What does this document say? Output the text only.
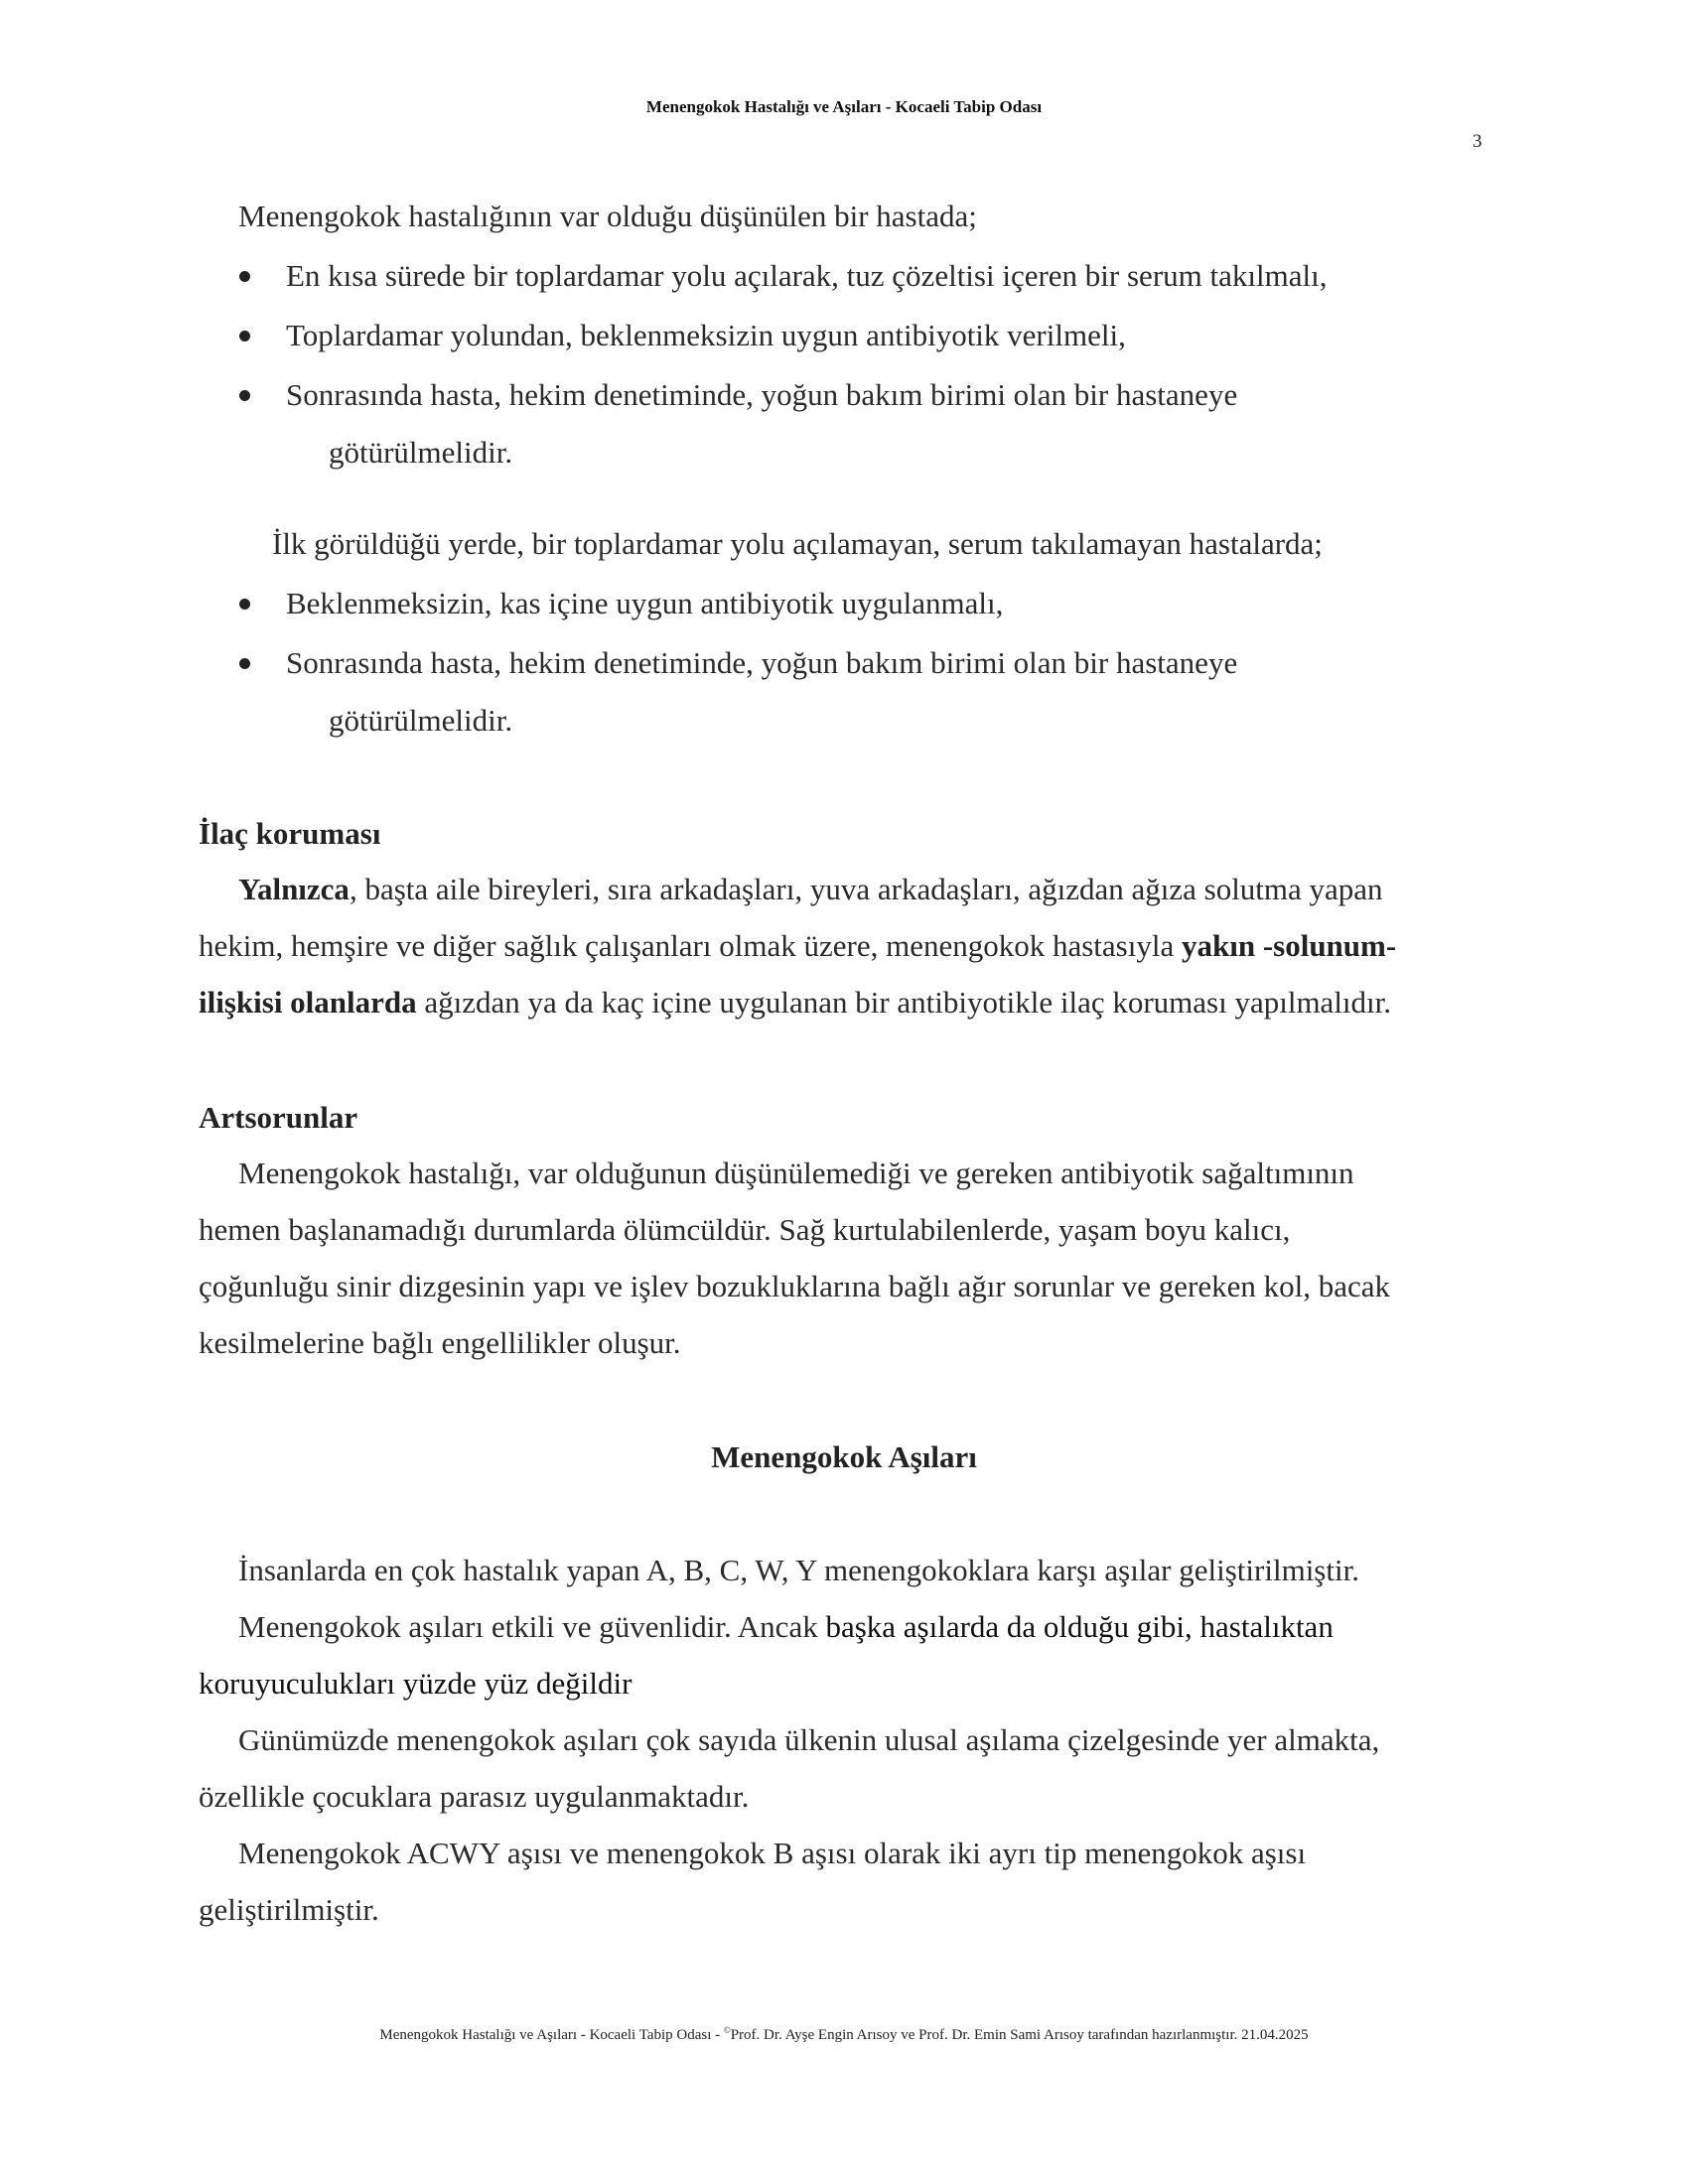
Menengokok Hastalığı ve Aşıları - Kocaeli Tabip Odası
3
Menengokok hastalığının var olduğu düşünülen bir hastada;
En kısa sürede bir toplardamar yolu açılarak, tuz çözeltisi içeren bir serum takılmalı,
Toplardamar yolundan, beklenmeksizin uygun antibiyotik verilmeli,
Sonrasında hasta, hekim denetiminde, yoğun bakım birimi olan bir hastaneye
götürülmelidir.
İlk görüldüğü yerde, bir toplardamar yolu açılamayan, serum takılamayan hastalarda;
Beklenmeksizin, kas içine uygun antibiyotik uygulanmalı,
Sonrasında hasta, hekim denetiminde, yoğun bakım birimi olan bir hastaneye
götürülmelidir.
İlaç koruması
Yalnızca, başta aile bireyleri, sıra arkadaşları, yuva arkadaşları, ağızdan ağıza solutma yapan
hekim, hemşire ve diğer sağlık çalışanları olmak üzere, menengokok hastasıyla yakın -solunum-
ilişkisi olanlarda ağızdan ya da kaç içine uygulanan bir antibiyotikle ilaç koruması yapılmalıdır.
Artsorunlar
Menengokok hastalığı, var olduğunun düşünülemediği ve gereken antibiyotik sağaltımının
hemen başlanamadığı durumlarda ölümcüldür. Sağ kurtulabilenlerde, yaşam boyu kalıcı,
çoğunluğu sinir dizgesinin yapı ve işlev bozukluklarına bağlı ağır sorunlar ve gereken kol, bacak
kesilmelerine bağlı engellilikler oluşur.
Menengokok Aşıları
İnsanlarda en çok hastalık yapan A, B, C, W, Y menengokoklara karşı aşılar geliştirilmiştir.
Menengokok aşıları etkili ve güvenlidir. Ancak başka aşılarda da olduğu gibi, hastalıktan
koruyuculukları yüzde yüz değildir
Günümüzde menengokok aşıları çok sayıda ülkenin ulusal aşılama çizelgesinde yer almakta,
özellikle çocuklara parasız uygulanmaktadır.
Menengokok ACWY aşısı ve menengokok B aşısı olarak iki ayrı tip menengokok aşısı
geliştirilmiştir.
Menengokok Hastalığı ve Aşıları - Kocaeli Tabip Odası - ©Prof. Dr. Ayşe Engin Arısoy ve Prof. Dr. Emin Sami Arısoy tarafından hazırlanmıştır. 21.04.2025
